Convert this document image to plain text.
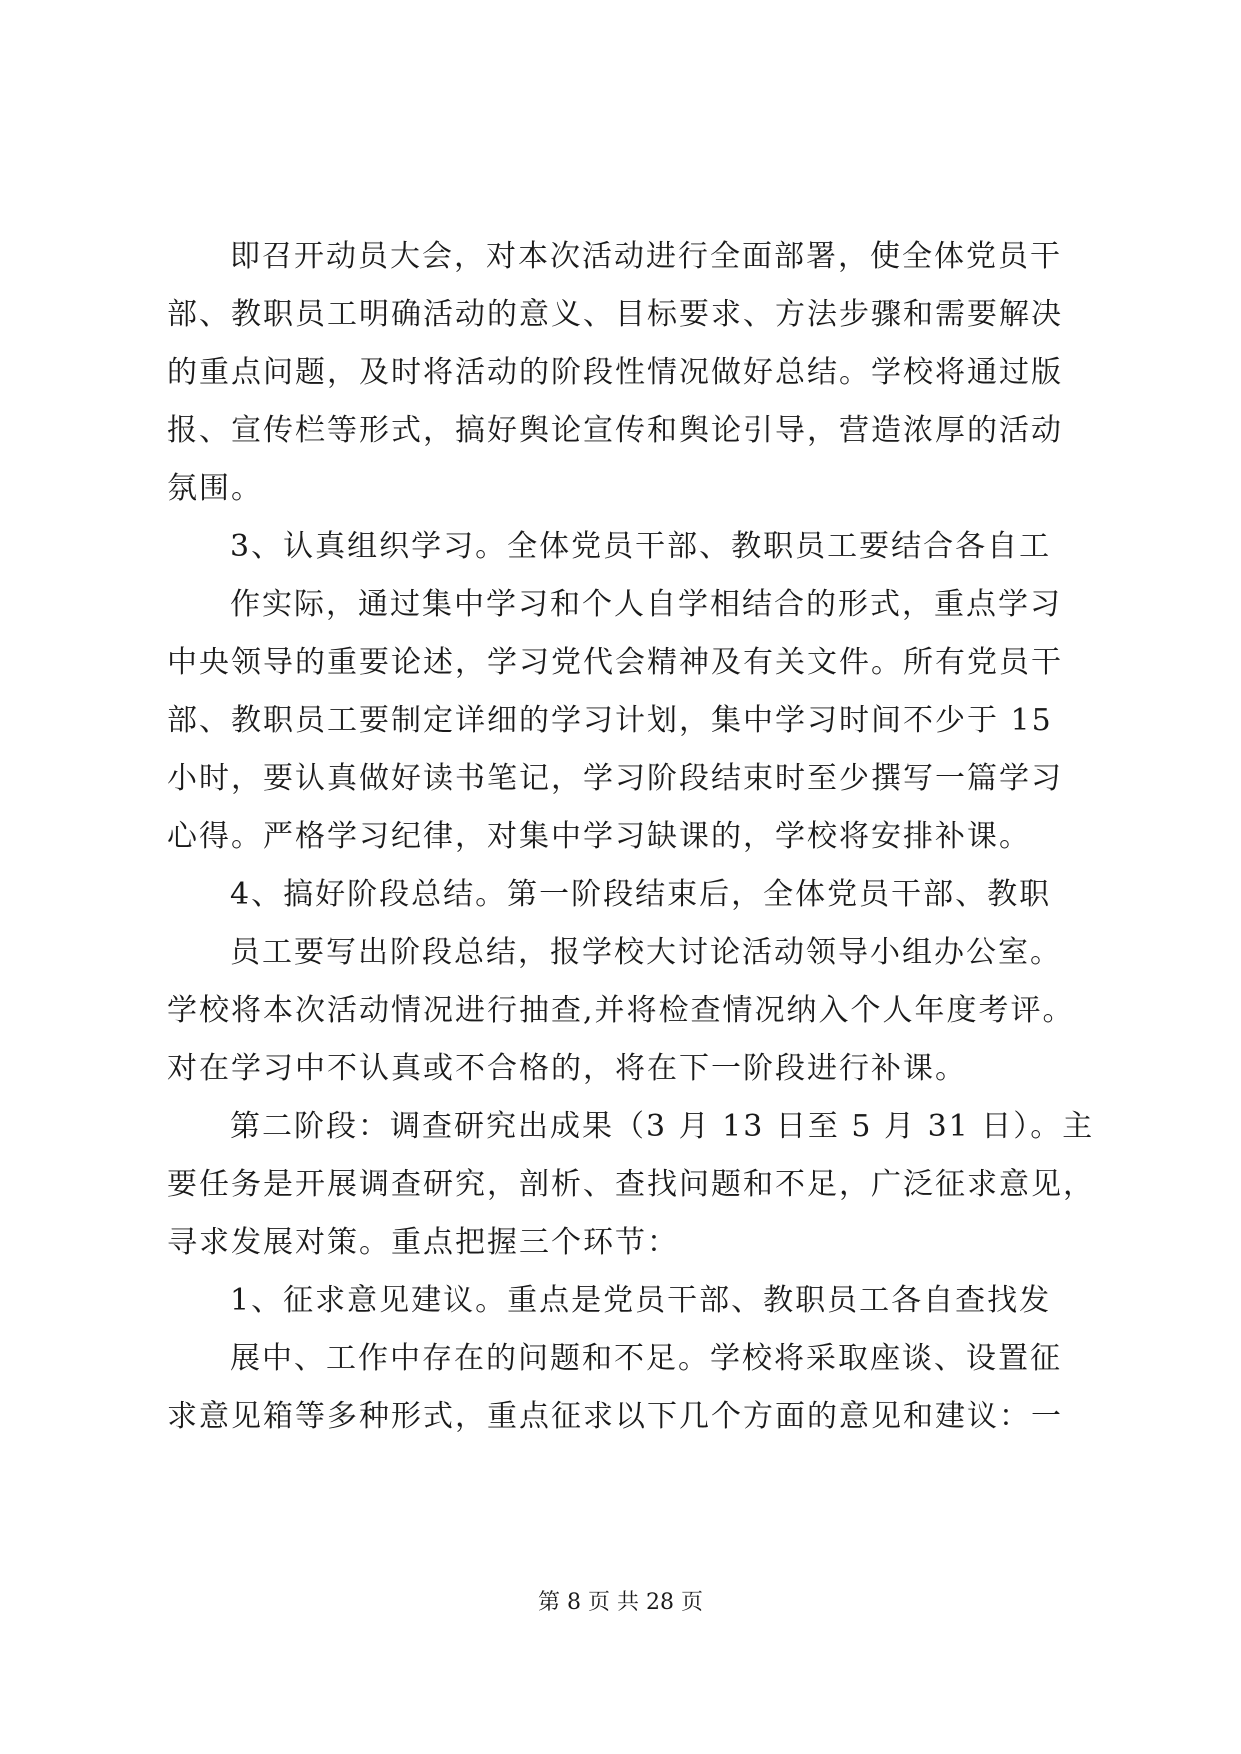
即召开动员大会，对本次活动进行全面部署，使全体党员干
部、教职员工明确活动的意义、目标要求、方法步骤和需要解决
的重点问题，及时将活动的阶段性情况做好总结。学校将通过版
报、宣传栏等形式，搞好舆论宣传和舆论引导，营造浓厚的活动
氛围。
3、认真组织学习。全体党员干部、教职员工要结合各自工
作实际，通过集中学习和个人自学相结合的形式，重点学习
中央领导的重要论述，学习党代会精神及有关文件。所有党员干
部、教职员工要制定详细的学习计划，集中学习时间不少于 15
小时，要认真做好读书笔记，学习阶段结束时至少撰写一篇学习
心得。严格学习纪律，对集中学习缺课的，学校将安排补课。
4、搞好阶段总结。第一阶段结束后，全体党员干部、教职
员工要写出阶段总结，报学校大讨论活动领导小组办公室。
学校将本次活动情况进行抽查,并将检查情况纳入个人年度考评。
对在学习中不认真或不合格的，将在下一阶段进行补课。
第二阶段：调查研究出成果（3 月 13 日至 5 月 31 日）。主
要任务是开展调查研究，剖析、查找问题和不足，广泛征求意见，
寻求发展对策。重点把握三个环节：
1、征求意见建议。重点是党员干部、教职员工各自查找发
展中、工作中存在的问题和不足。学校将采取座谈、设置征
求意见箱等多种形式，重点征求以下几个方面的意见和建议：一
第 8 页 共 28 页
